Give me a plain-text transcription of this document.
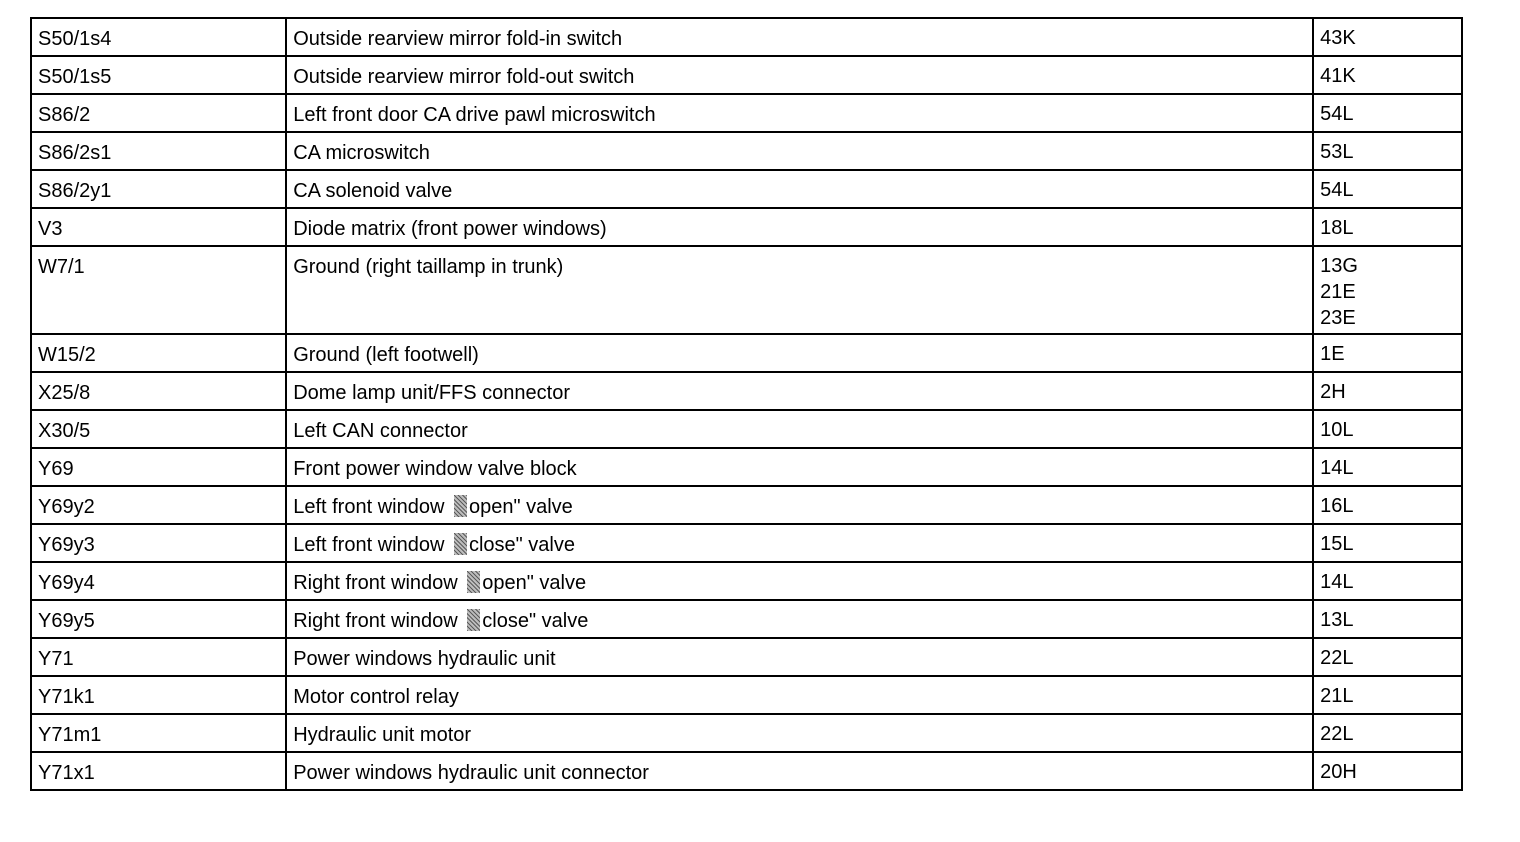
S50/1s4	Outside rearview mirror fold-in switch	43K

S50/1s5	Outside rearview mirror fold-out switch	41K

S86/2	Left front door CA drive pawl microswitch	54L

S86/2s1	CA microswitch	53L

S86/2y1	CA solenoid valve	54L

V3	Diode matrix (front power windows)	18L

W7/1	Ground (right taillamp in trunk)	13G
21E
23E

W15/2	Ground (left footwell)	1E

X25/8	Dome lamp unit/FFS connector	2H

X30/5	Left CAN connector	10L

Y69	Front power window valve block	14L

Y69y2	Left front window open" valve	16L

Y69y3	Left front window close" valve	15L

Y69y4	Right front window open" valve	14L

Y69y5	Right front window close" valve	13L

Y71	Power windows hydraulic unit	22L

Y71k1	Motor control relay	21L

Y71m1	Hydraulic unit motor	22L

Y71x1	Power windows hydraulic unit connector	20H
